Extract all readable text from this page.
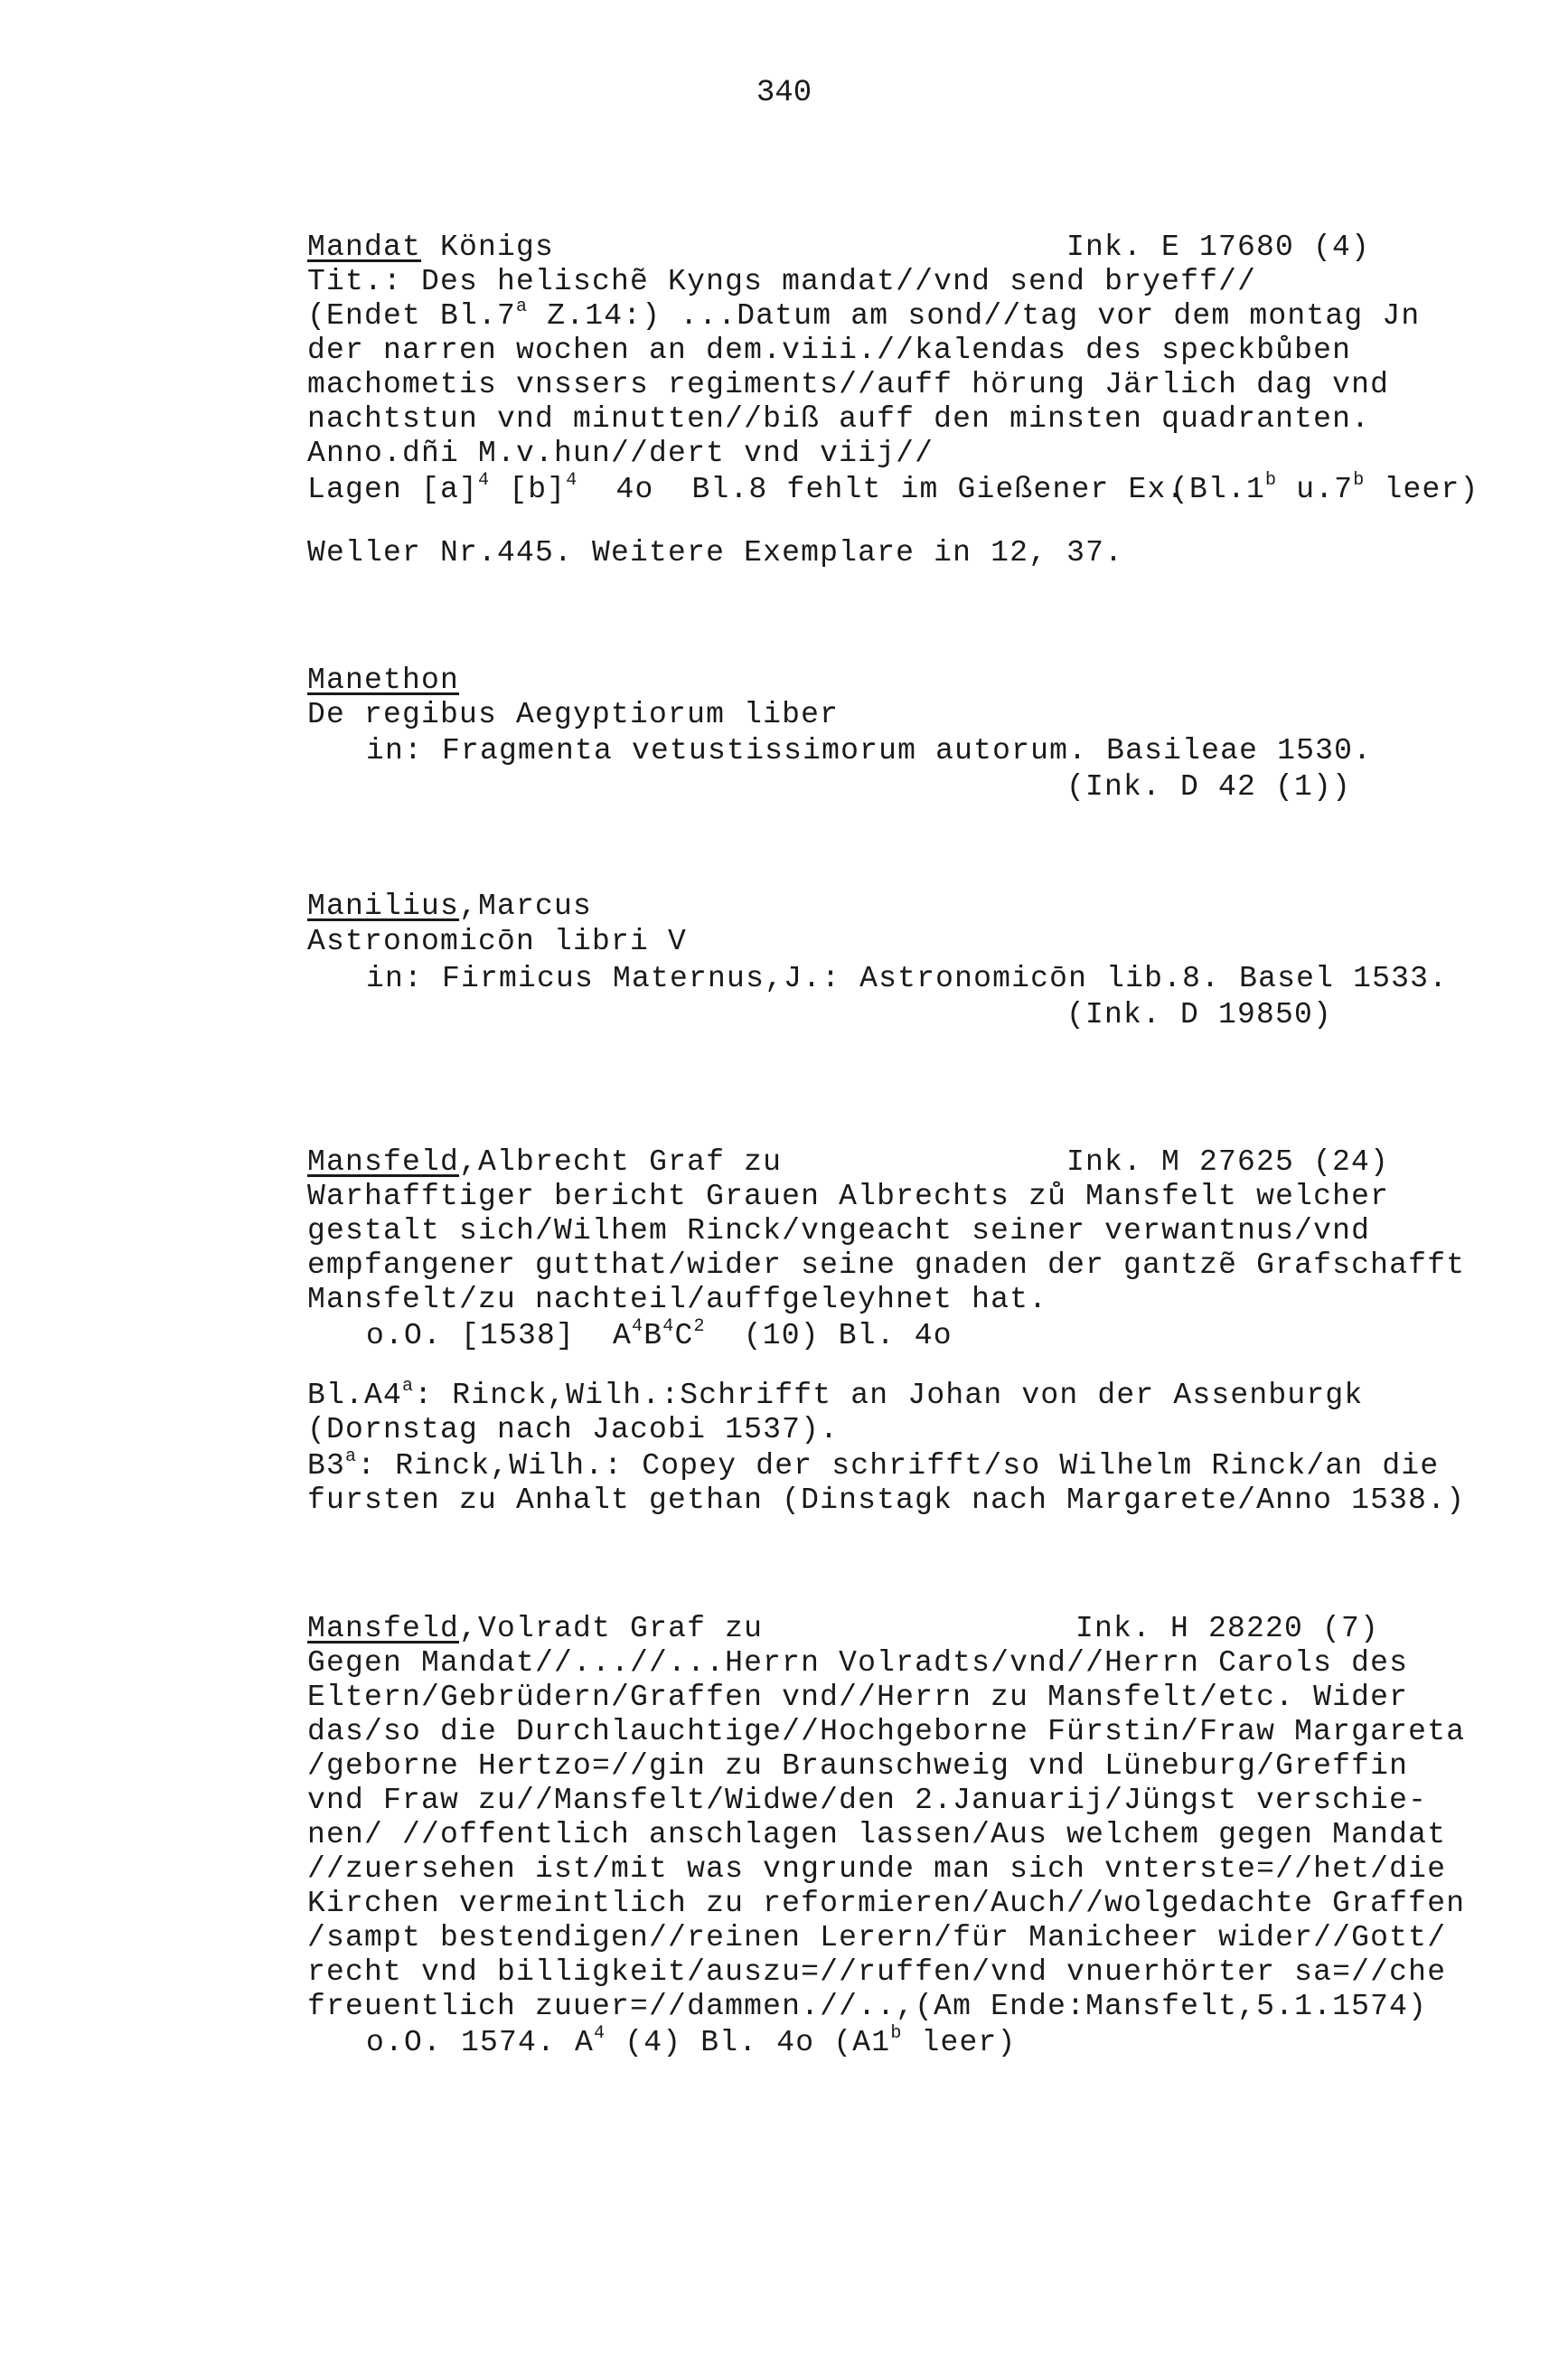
340
Mandat Königs	Ink. E 17680 (4)
Tit.: Des helischẽ Kyngs mandat//vnd send bryeff//
(Endet Bl.7$^a$ Z.14:) ...Datum am sond//tag vor dem montag Jn
der narren wochen an dem.viii.//kalendas des speckbůben
machometis vnssers regiments//auff hörung Järlich dag vnd
nachtstun vnd minutten//biß auff den minsten quadranten.
Anno.dñi M.v.hun//dert vnd viij//
Lagen $[a]^4$ $[b]^4$  4o  Bl.8 fehlt im Gießener Ex.
(Bl.1$^b$ u.7$^b$ leer)
Weller Nr.445. Weitere Exemplare in 12, 37.
Manethon
De regibus Aegyptiorum liber
in: Fragmenta vetustissimorum autorum. Basileae 1530.
(Ink. D 42 (1))
Manilius,Marcus
Astronomicōn libri V
in: Firmicus Maternus,J.: Astronomicōn lib.8. Basel 1533.
(Ink. D 19850)
Mansfeld,Albrecht Graf zu	Ink. M 27625 (24)
Warhafftiger bericht Grauen Albrechts zů Mansfelt welcher
gestalt sich/Wilhem Rinck/vngeacht seiner verwantnus/vnd
empfangener gutthat/wider seine gnaden der gantzẽ Grafschafft
Mansfelt/zu nachteil/auffgeleyhnet hat.
o.O. [1538]  $A^4B^4C^2$  (10) Bl. 4o
Bl.A4$^a$: Rinck,Wilh.:Schrifft an Johan von der Assenburgk
(Dornstag nach Jacobi 1537).
B3$^a$: Rinck,Wilh.: Copey der schrifft/so Wilhelm Rinck/an die
fursten zu Anhalt gethan (Dinstagk nach Margarete/Anno 1538.)
Mansfeld,Volradt Graf zu	Ink. H 28220 (7)
Gegen Mandat//...//...Herrn Volradts/vnd//Herrn Carols des
Eltern/Gebrüdern/Graffen vnd//Herrn zu Mansfelt/etc. Wider
das/so die Durchlauchtige//Hochgeborne Fürstin/Fraw Margareta
/geborne Hertzo=//gin zu Braunschweig vnd Lüneburg/Greffin
vnd Fraw zu//Mansfelt/Widwe/den 2.Januarij/Jüngst verschie-
nen/ //offentlich anschlagen lassen/Aus welchem gegen Mandat
//zuersehen ist/mit was vngrunde man sich vnterste=//het/die
Kirchen vermeintlich zu reformieren/Auch//wolgedachte Graffen
/sampt bestendigen//reinen Lerern/für Manicheer wider//Gott/
recht vnd billigkeit/auszu=//ruffen/vnd vnuerhörter sa=//che
freuentlich zuuer=//dammen.//..,(Am Ende:Mansfelt,5.1.1574)
o.O. 1574. $A^4$ (4) Bl. 4o (A1$^b$ leer)
